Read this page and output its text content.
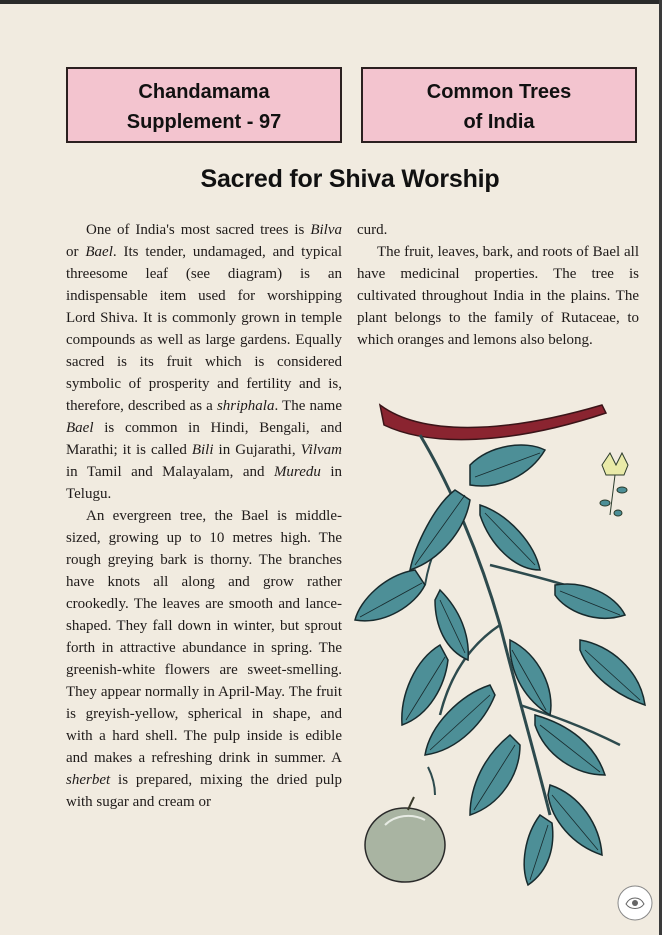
Chandamama
Supplement - 97
Common Trees
of India
Sacred for Shiva Worship

One of India's most sacred trees is Bilva or Bael. Its tender, undamaged, and typical threesome leaf (see diagram) is an indispensable item used for worshipping Lord Shiva. It is commonly grown in temple compounds as well as large gardens. Equally sacred is its fruit which is considered symbolic of prosperity and fertility and is, therefore, described as a shriphala. The name Bael is common in Hindi, Bengali, and Marathi; it is called Bili in Gujarathi, Vilvam in Tamil and Malayalam, and Muredu in Telugu.

An evergreen tree, the Bael is middle-sized, growing up to 10 metres high. The rough greying bark is thorny. The branches have knots all along and grow rather crookedly. The leaves are smooth and lance-shaped. They fall down in winter, but sprout forth in attractive abundance in spring. The greenish-white flowers are sweet-smelling. They appear normally in April-May. The fruit is greyish-yellow, spherical in shape, and with a hard shell. The pulp inside is edible and makes a refreshing drink in summer. A sherbet is prepared, mixing the dried pulp with sugar and cream or

curd.

The fruit, leaves, bark, and roots of Bael all have medicinal properties. The tree is cultivated throughout India in the plains. The plant belongs to the family of Rutaceae, to which oranges and lemons also belong.
